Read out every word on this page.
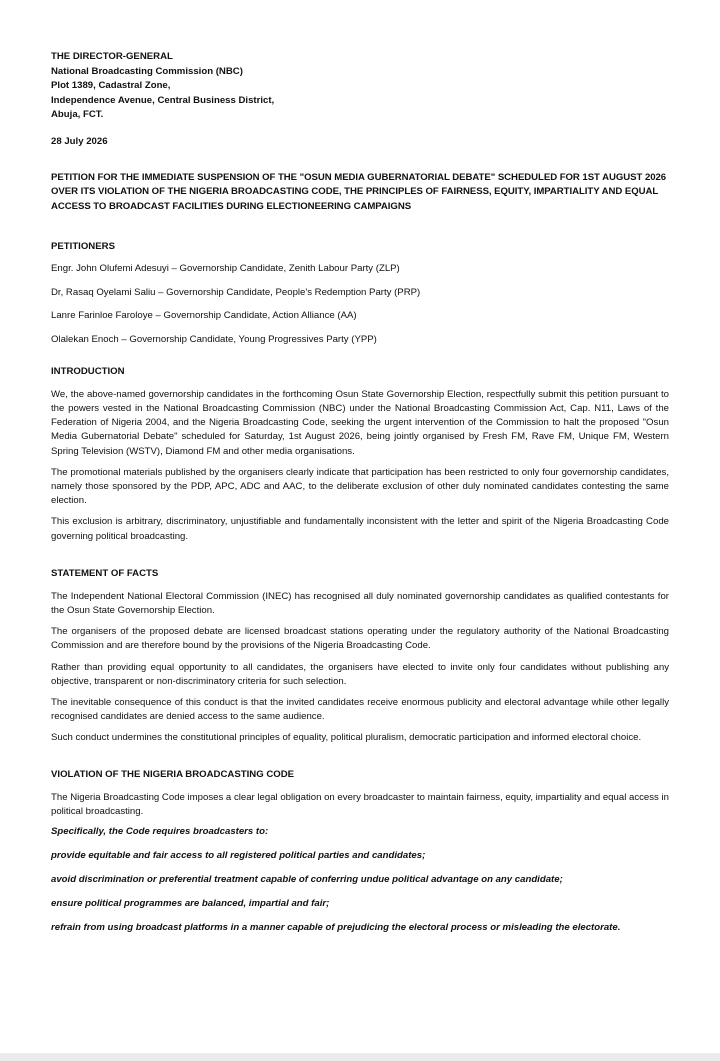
THE DIRECTOR-GENERAL

National Broadcasting Commission (NBC)

Plot 1389, Cadastral Zone,

Independence Avenue, Central Business District,

Abuja, FCT.

28 July 2026

PETITION FOR THE IMMEDIATE SUSPENSION OF THE "OSUN MEDIA GUBERNATORIAL DEBATE" SCHEDULED FOR 1ST AUGUST 2026 OVER ITS VIOLATION OF THE NIGERIA BROADCASTING CODE, THE PRINCIPLES OF FAIRNESS, EQUITY, IMPARTIALITY AND EQUAL ACCESS TO BROADCAST FACILITIES DURING ELECTIONEERING CAMPAIGNS

PETITIONERS
Engr. John Olufemi Adesuyi – Governorship Candidate, Zenith Labour Party (ZLP)
Dr, Rasaq Oyelami Saliu – Governorship Candidate, People's Redemption Party (PRP)
Lanre Farinloe Faroloye – Governorship Candidate, Action Alliance (AA)
Olalekan Enoch – Governorship Candidate, Young Progressives Party (YPP)
INTRODUCTION

We, the above-named governorship candidates in the forthcoming Osun State Governorship Election, respectfully submit this petition pursuant to the powers vested in the National Broadcasting Commission (NBC) under the National Broadcasting Commission Act, Cap. N11, Laws of the Federation of Nigeria 2004, and the Nigeria Broadcasting Code, seeking the urgent intervention of the Commission to halt the proposed "Osun Media Gubernatorial Debate" scheduled for Saturday, 1st August 2026, being jointly organised by Fresh FM, Rave FM, Unique FM, Western Spring Television (WSTV), Diamond FM and other media organisations.

The promotional materials published by the organisers clearly indicate that participation has been restricted to only four governorship candidates, namely those sponsored by the PDP, APC, ADC and AAC, to the deliberate exclusion of other duly nominated candidates contesting the same election.

This exclusion is arbitrary, discriminatory, unjustifiable and fundamentally inconsistent with the letter and spirit of the Nigeria Broadcasting Code governing political broadcasting.

STATEMENT OF FACTS

The Independent National Electoral Commission (INEC) has recognised all duly nominated governorship candidates as qualified contestants for the Osun State Governorship Election.

The organisers of the proposed debate are licensed broadcast stations operating under the regulatory authority of the National Broadcasting Commission and are therefore bound by the provisions of the Nigeria Broadcasting Code.

Rather than providing equal opportunity to all candidates, the organisers have elected to invite only four candidates without publishing any objective, transparent or non-discriminatory criteria for such selection.

The inevitable consequence of this conduct is that the invited candidates receive enormous publicity and electoral advantage while other legally recognised candidates are denied access to the same audience.

Such conduct undermines the constitutional principles of equality, political pluralism, democratic participation and informed electoral choice.

VIOLATION OF THE NIGERIA BROADCASTING CODE

The Nigeria Broadcasting Code imposes a clear legal obligation on every broadcaster to maintain fairness, equity, impartiality and equal access in political broadcasting.

Specifically, the Code requires broadcasters to:

provide equitable and fair access to all registered political parties and candidates;

avoid discrimination or preferential treatment capable of conferring undue political advantage on any candidate;

ensure political programmes are balanced, impartial and fair;

refrain from using broadcast platforms in a manner capable of prejudicing the electoral process or misleading the electorate.
